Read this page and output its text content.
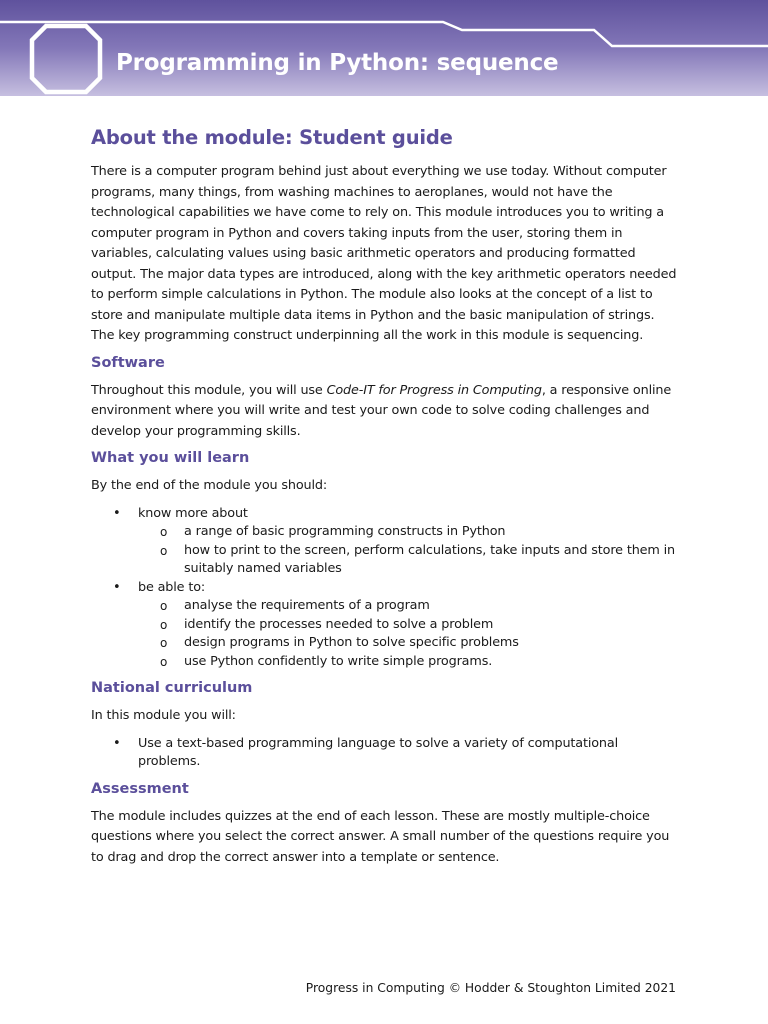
Programming in Python: sequence
About the module: Student guide

There is a computer program behind just about everything we use today. Without computer programs, many things, from washing machines to aeroplanes, would not have the technological capabilities we have come to rely on. This module introduces you to writing a computer program in Python and covers taking inputs from the user, storing them in variables, calculating values using basic arithmetic operators and producing formatted output. The major data types are introduced, along with the key arithmetic operators needed to perform simple calculations in Python. The module also looks at the concept of a list to store and manipulate multiple data items in Python and the basic manipulation of strings. The key programming construct underpinning all the work in this module is sequencing.

Software

Throughout this module, you will use Code-IT for Progress in Computing, a responsive online environment where you will write and test your own code to solve coding challenges and develop your programming skills.

What you will learn

By the end of the module you should:

• know more about
o a range of basic programming constructs in Python
o how to print to the screen, perform calculations, take inputs and store them in suitably named variables
• be able to:
o analyse the requirements of a program
o identify the processes needed to solve a problem
o design programs in Python to solve specific problems
o use Python confidently to write simple programs.
National curriculum

In this module you will:

• Use a text-based programming language to solve a variety of computational problems.
Assessment

The module includes quizzes at the end of each lesson. These are mostly multiple-choice questions where you select the correct answer. A small number of the questions require you to drag and drop the correct answer into a template or sentence.

Progress in Computing © Hodder & Stoughton Limited 2021
